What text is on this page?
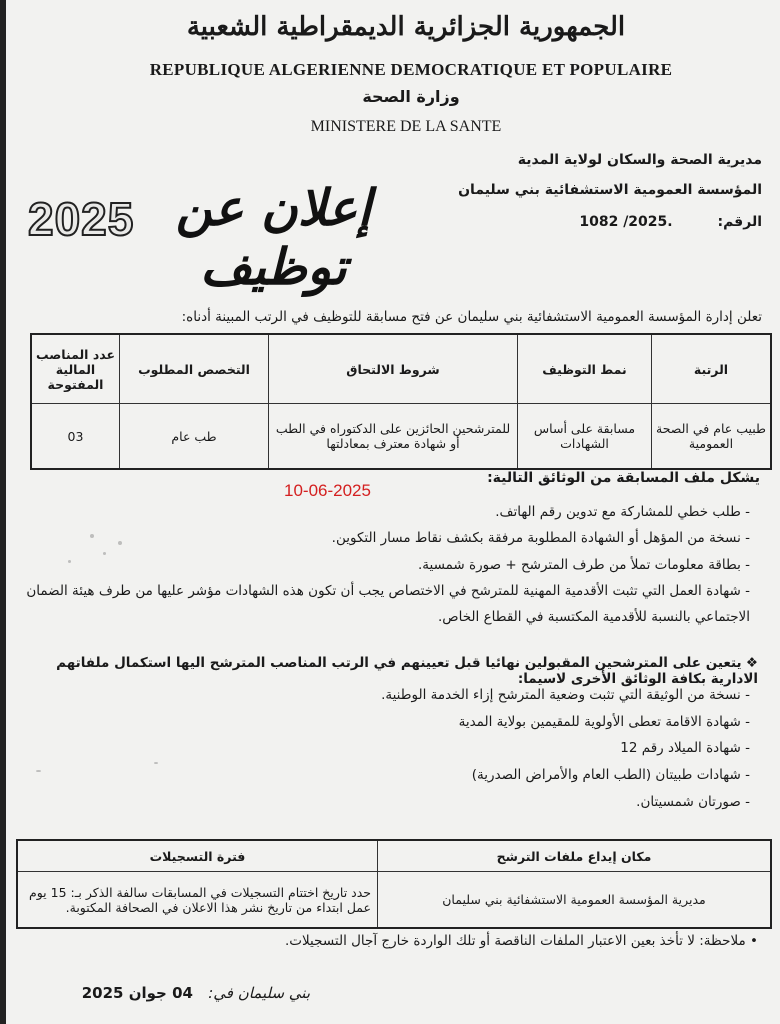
الجمهورية الجزائرية الديمقراطية الشعبية
REPUBLIQUE ALGERIENNE DEMOCRATIQUE ET POPULAIRE
وزارة الصحة
MINISTERE DE LA SANTE
مديرية الصحة والسكان لولاية المدية
المؤسسة العمومية الاستشفائية بني سليمان
الرقم: 1082 /2025.
إعلان عن توظيف
2025
تعلن إدارة المؤسسة العمومية الاستشفائية بني سليمان عن فتح مسابقة للتوظيف في الرتب المبينة أدناه:
الرتبة	نمط التوظيف	شروط الالتحاق	التخصص المطلوب	عدد المناصب المالية المفتوحة
طبيب عام في الصحة العمومية	مسابقة على أساس الشهادات	للمترشحين الحائزين على الدكتوراه في الطب أو شهادة معترف بمعادلتها	طب عام	03
يشكل ملف المسابقة من الوثائق التالية:
10-06-2025
- طلب خطي للمشاركة مع تدوين رقم الهاتف.
- نسخة من المؤهل أو الشهادة المطلوبة مرفقة بكشف نقاط مسار التكوين.
- بطاقة معلومات تملأ من طرف المترشح + صورة شمسية.
- شهادة العمل التي تثبت الأقدمية المهنية للمترشح في الاختصاص يجب أن تكون هذه الشهادات مؤشر عليها من طرف هيئة الضمان الاجتماعي بالنسبة للأقدمية المكتسبة في القطاع الخاص.
❖ يتعين على المترشحين المقبولين نهائيا قبل تعيينهم في الرتب المناصب المترشح اليها استكمال ملفاتهم الادارية بكافة الوثائق الأخرى لاسيما:
- نسخة من الوثيقة التي تثبت وضعية المترشح إزاء الخدمة الوطنية.
- شهادة الاقامة تعطى الأولوية للمقيمين بولاية المدية
- شهادة الميلاد رقم 12
- شهادات طبيتان (الطب العام والأمراض الصدرية)
- صورتان شمسيتان.
مكان إيداع ملفات الترشح	فترة التسجيلات
مديرية المؤسسة العمومية الاستشفائية بني سليمان	حدد تاريخ اختتام التسجيلات في المسابقات سالفة الذكر بـ: 15 يوم عمل ابتداء من تاريخ نشر هذا الاعلان في الصحافة المكتوبة.
• ملاحظة: لا تأخذ بعين الاعتبار الملفات الناقصة أو تلك الواردة خارج آجال التسجيلات.
بني سليمان في: 04 جوان 2025
